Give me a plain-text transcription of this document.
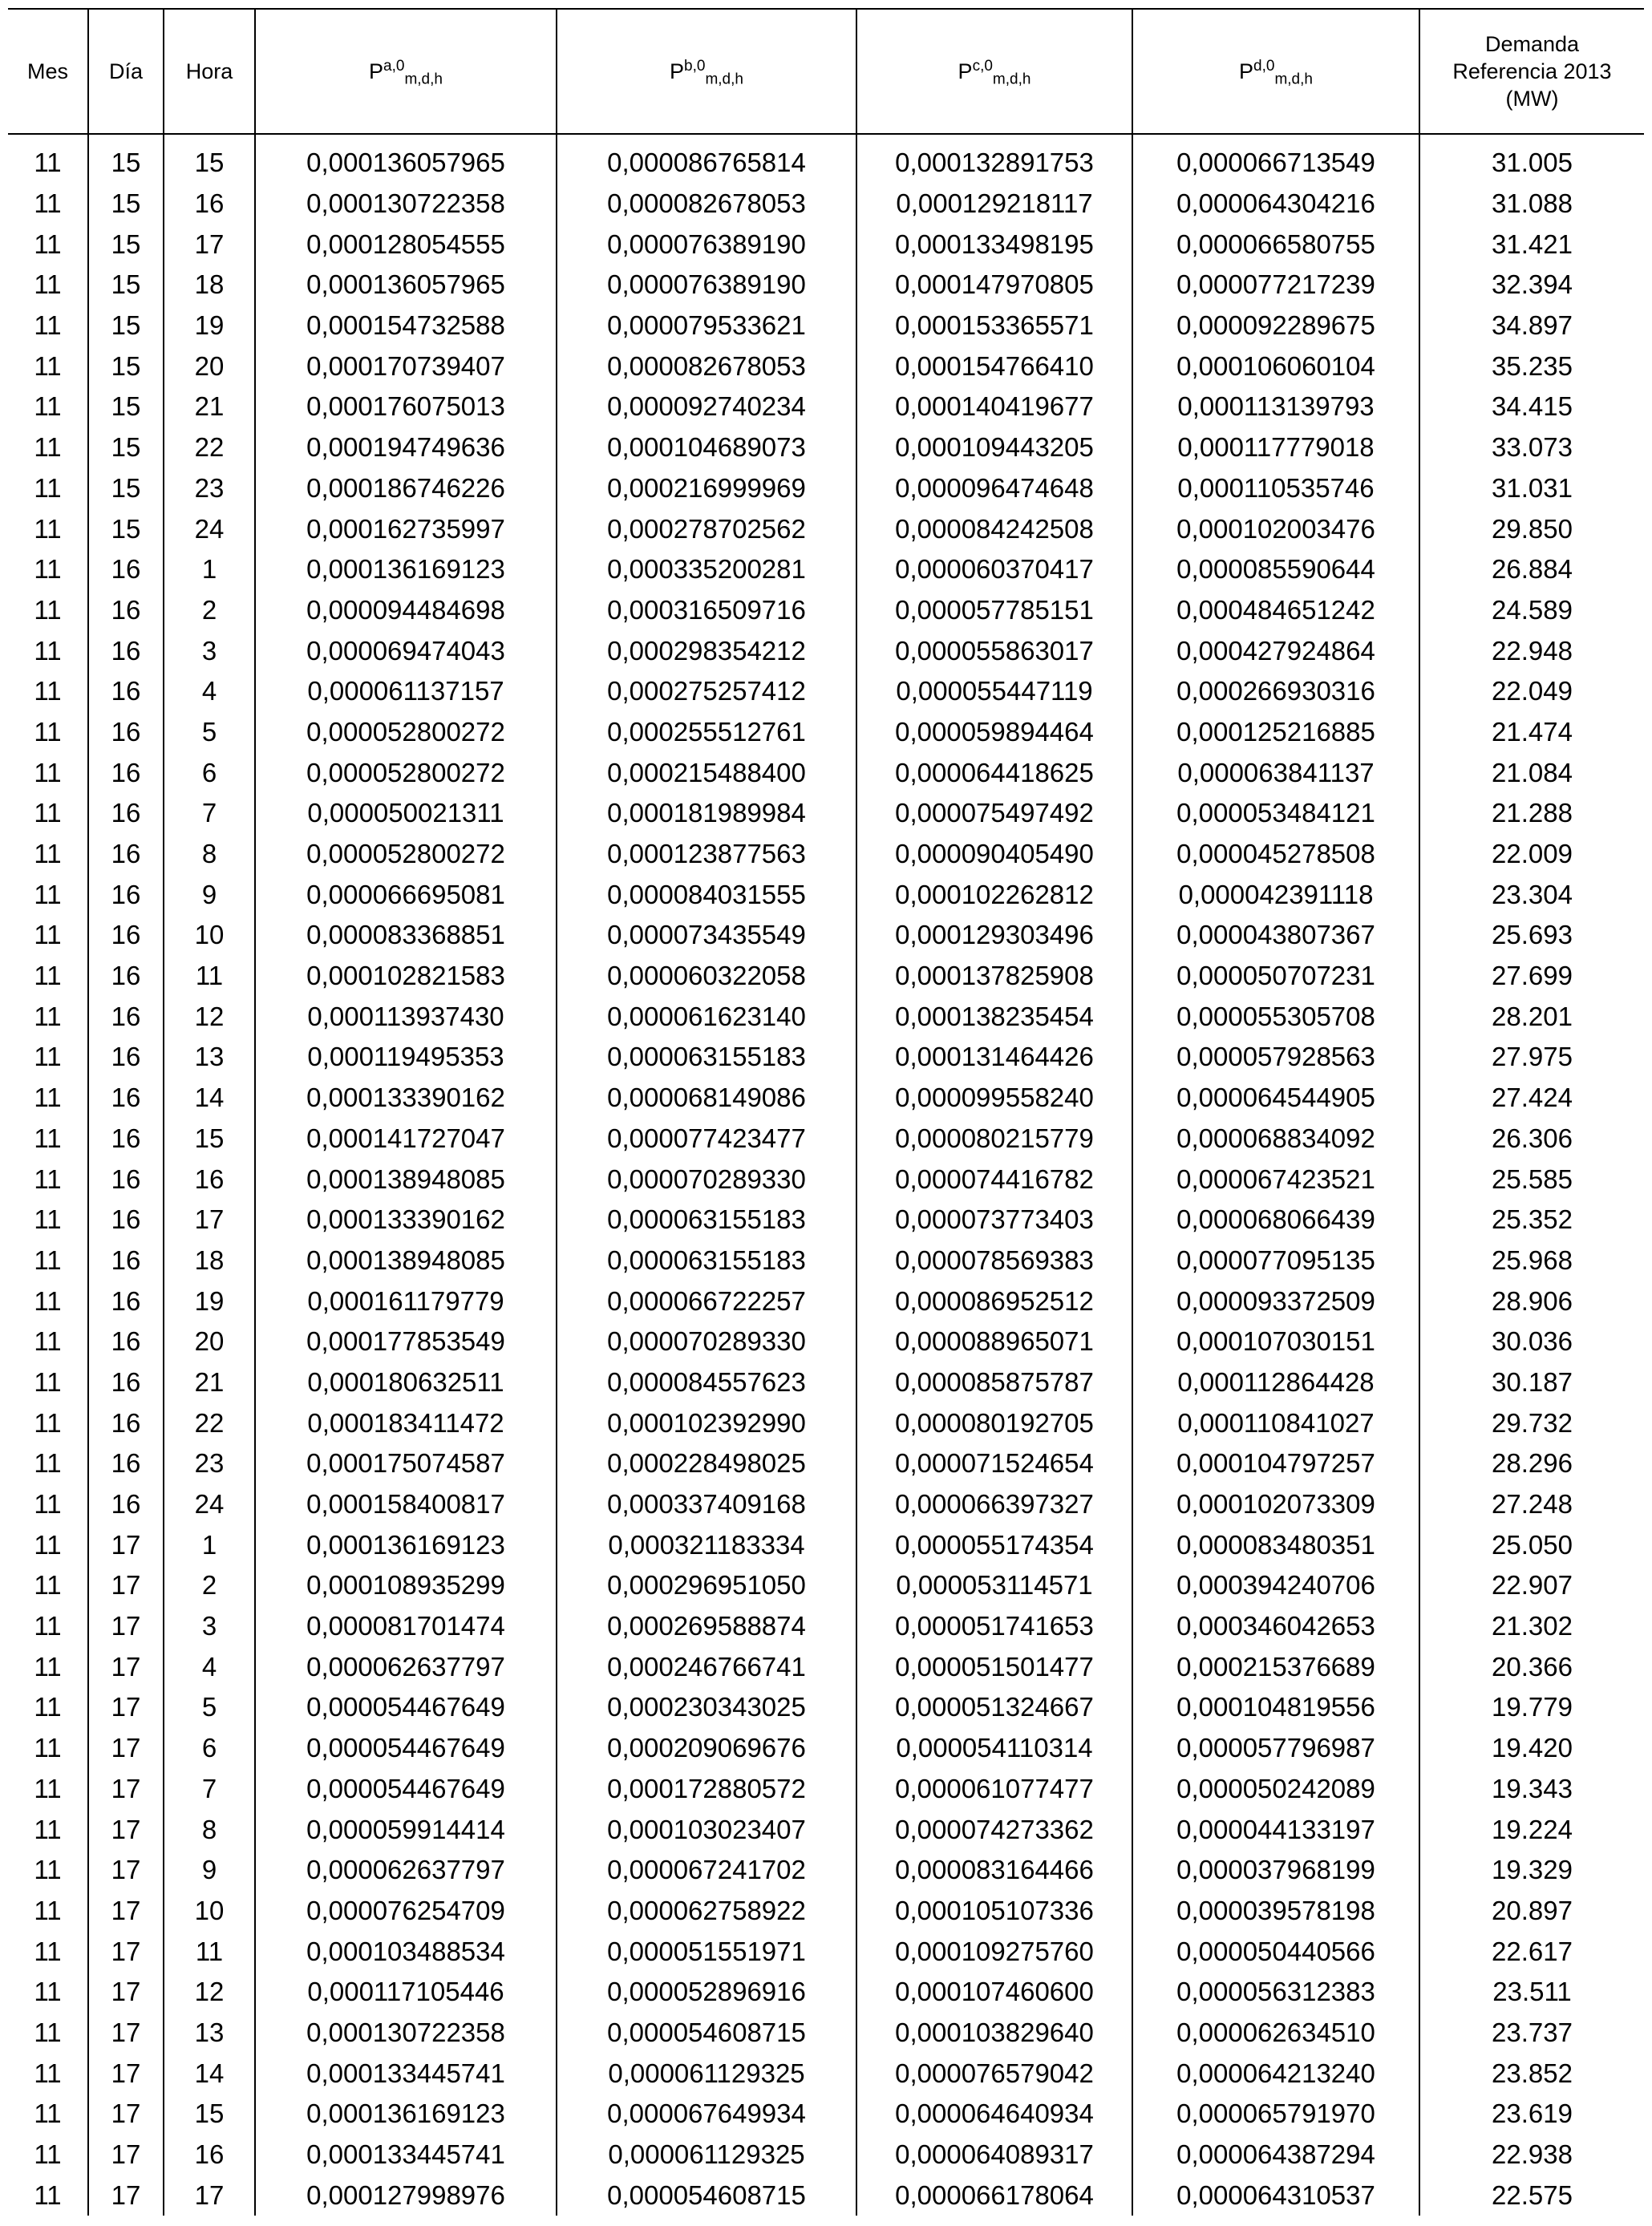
Mes	Día	Hora	P$^{a,0}_{m,d,h}$	P$^{b,0}_{m,d,h}$	P$^{c,0}_{m,d,h}$	P$^{d,0}_{m,d,h}$	Demanda
Referencia 2013
(MW)

11	15	15	0,000136057965	0,000086765814	0,000132891753	0,000066713549	31.005
11	15	16	0,000130722358	0,000082678053	0,000129218117	0,000064304216	31.088
11	15	17	0,000128054555	0,000076389190	0,000133498195	0,000066580755	31.421
11	15	18	0,000136057965	0,000076389190	0,000147970805	0,000077217239	32.394
11	15	19	0,000154732588	0,000079533621	0,000153365571	0,000092289675	34.897
11	15	20	0,000170739407	0,000082678053	0,000154766410	0,000106060104	35.235
11	15	21	0,000176075013	0,000092740234	0,000140419677	0,000113139793	34.415
11	15	22	0,000194749636	0,000104689073	0,000109443205	0,000117779018	33.073
11	15	23	0,000186746226	0,000216999969	0,000096474648	0,000110535746	31.031
11	15	24	0,000162735997	0,000278702562	0,000084242508	0,000102003476	29.850
11	16	1	0,000136169123	0,000335200281	0,000060370417	0,000085590644	26.884
11	16	2	0,000094484698	0,000316509716	0,000057785151	0,000484651242	24.589
11	16	3	0,000069474043	0,000298354212	0,000055863017	0,000427924864	22.948
11	16	4	0,000061137157	0,000275257412	0,000055447119	0,000266930316	22.049
11	16	5	0,000052800272	0,000255512761	0,000059894464	0,000125216885	21.474
11	16	6	0,000052800272	0,000215488400	0,000064418625	0,000063841137	21.084
11	16	7	0,000050021311	0,000181989984	0,000075497492	0,000053484121	21.288
11	16	8	0,000052800272	0,000123877563	0,000090405490	0,000045278508	22.009
11	16	9	0,000066695081	0,000084031555	0,000102262812	0,000042391118	23.304
11	16	10	0,000083368851	0,000073435549	0,000129303496	0,000043807367	25.693
11	16	11	0,000102821583	0,000060322058	0,000137825908	0,000050707231	27.699
11	16	12	0,000113937430	0,000061623140	0,000138235454	0,000055305708	28.201
11	16	13	0,000119495353	0,000063155183	0,000131464426	0,000057928563	27.975
11	16	14	0,000133390162	0,000068149086	0,000099558240	0,000064544905	27.424
11	16	15	0,000141727047	0,000077423477	0,000080215779	0,000068834092	26.306
11	16	16	0,000138948085	0,000070289330	0,000074416782	0,000067423521	25.585
11	16	17	0,000133390162	0,000063155183	0,000073773403	0,000068066439	25.352
11	16	18	0,000138948085	0,000063155183	0,000078569383	0,000077095135	25.968
11	16	19	0,000161179779	0,000066722257	0,000086952512	0,000093372509	28.906
11	16	20	0,000177853549	0,000070289330	0,000088965071	0,000107030151	30.036
11	16	21	0,000180632511	0,000084557623	0,000085875787	0,000112864428	30.187
11	16	22	0,000183411472	0,000102392990	0,000080192705	0,000110841027	29.732
11	16	23	0,000175074587	0,000228498025	0,000071524654	0,000104797257	28.296
11	16	24	0,000158400817	0,000337409168	0,000066397327	0,000102073309	27.248
11	17	1	0,000136169123	0,000321183334	0,000055174354	0,000083480351	25.050
11	17	2	0,000108935299	0,000296951050	0,000053114571	0,000394240706	22.907
11	17	3	0,000081701474	0,000269588874	0,000051741653	0,000346042653	21.302
11	17	4	0,000062637797	0,000246766741	0,000051501477	0,000215376689	20.366
11	17	5	0,000054467649	0,000230343025	0,000051324667	0,000104819556	19.779
11	17	6	0,000054467649	0,000209069676	0,000054110314	0,000057796987	19.420
11	17	7	0,000054467649	0,000172880572	0,000061077477	0,000050242089	19.343
11	17	8	0,000059914414	0,000103023407	0,000074273362	0,000044133197	19.224
11	17	9	0,000062637797	0,000067241702	0,000083164466	0,000037968199	19.329
11	17	10	0,000076254709	0,000062758922	0,000105107336	0,000039578198	20.897
11	17	11	0,000103488534	0,000051551971	0,000109275760	0,000050440566	22.617
11	17	12	0,000117105446	0,000052896916	0,000107460600	0,000056312383	23.511
11	17	13	0,000130722358	0,000054608715	0,000103829640	0,000062634510	23.737
11	17	14	0,000133445741	0,000061129325	0,000076579042	0,000064213240	23.852
11	17	15	0,000136169123	0,000067649934	0,000064640934	0,000065791970	23.619
11	17	16	0,000133445741	0,000061129325	0,000064089317	0,000064387294	22.938
11	17	17	0,000127998976	0,000054608715	0,000066178064	0,000064310537	22.575
